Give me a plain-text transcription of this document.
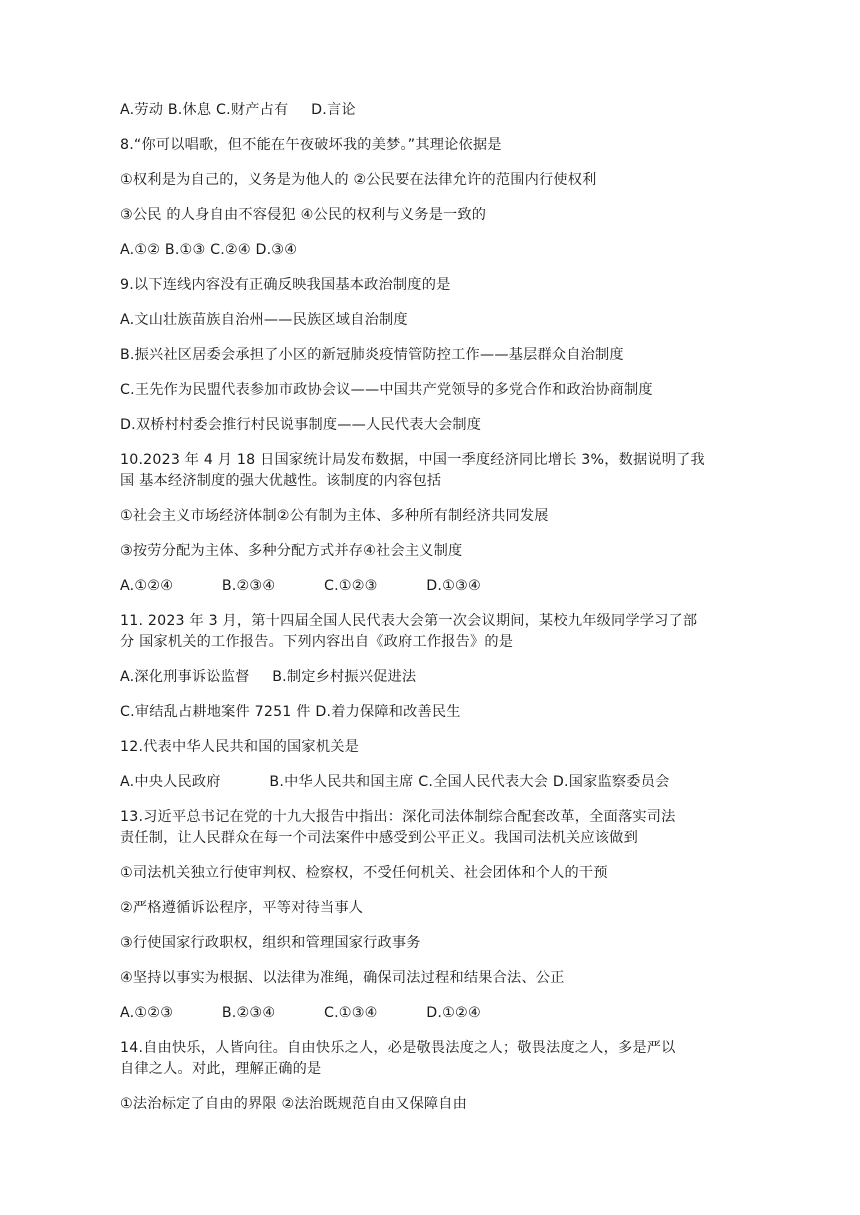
A.劳动 B.休息 C.财产占有 D.言论
8.“你可以唱歌，但不能在午夜破坏我的美梦。”其理论依据是
①权利是为自己的，义务是为他人的 ②公民要在法律允许的范围内行使权利
③公民 的人身自由不容侵犯 ④公民的权利与义务是一致的
A.①② B.①③ C.②④ D.③④
9.以下连线内容没有正确反映我国基本政治制度的是
A.文山壮族苗族自治州——民族区域自治制度
B.振兴社区居委会承担了小区的新冠肺炎疫情管防控工作——基层群众自治制度
C.王先作为民盟代表参加市政协会议——中国共产党领导的多党合作和政治协商制度
D.双桥村村委会推行村民说事制度——人民代表大会制度
10.2023 年 4 月 18 日国家统计局发布数据，中国一季度经济同比增长 3%，数据说明了我
国 基本经济制度的强大优越性。该制度的内容包括
①社会主义市场经济体制②公有制为主体、多种所有制经济共同发展
③按劳分配为主体、多种分配方式并存④社会主义制度
A.①②④	B.②③④	C.①②③	D.①③④
11. 2023 年 3 月，第十四届全国人民代表大会第一次会议期间，某校九年级同学学习了部
分 国家机关的工作报告。下列内容出自《政府工作报告》的是
A.深化刑事诉讼监督 B.制定乡村振兴促进法
C.审结乱占耕地案件 7251 件 D.着力保障和改善民生
12.代表中华人民共和国的国家机关是
A.中央人民政府	B.中华人民共和国主席 C.全国人民代表大会 D.国家监察委员会
13.习近平总书记在党的十九大报告中指出：深化司法体制综合配套改革，全面落实司法
责任制，让人民群众在每一个司法案件中感受到公平正义。我国司法机关应该做到
①司法机关独立行使审判权、检察权，不受任何机关、社会团体和个人的干预
②严格遵循诉讼程序，平等对待当事人
③行使国家行政职权，组织和管理国家行政事务
④坚持以事实为根据、以法律为准绳，确保司法过程和结果合法、公正
A.①②③	B.②③④	C.①③④	D.①②④
14.自由快乐，人皆向往。自由快乐之人，必是敬畏法度之人；敬畏法度之人，多是严以
自律之人。对此，理解正确的是
①法治标定了自由的界限 ②法治既规范自由又保障自由
